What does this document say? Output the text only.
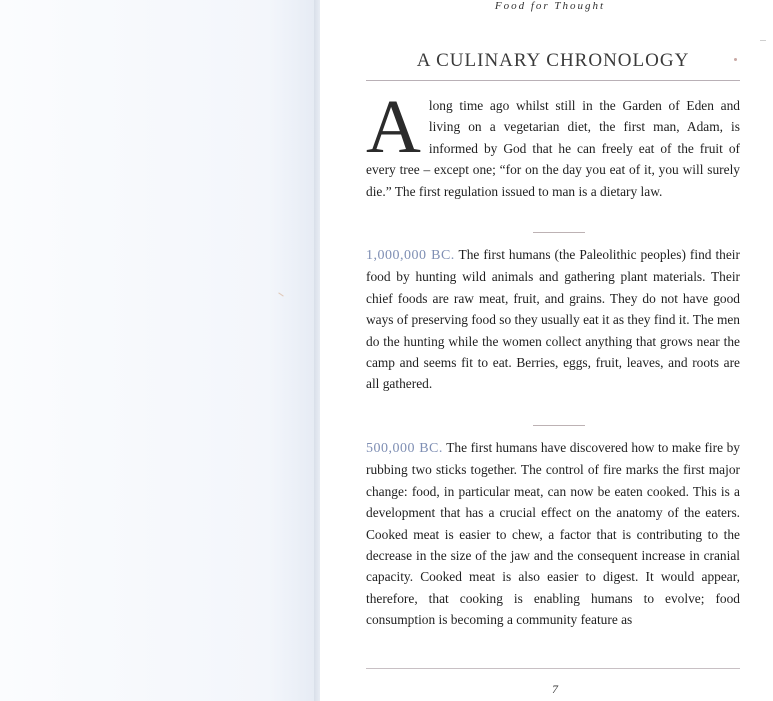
Food for Thought
A CULINARY CHRONOLOGY

Along time ago whilst still in the Garden of Eden and living on a vegetarian diet, the first man, Adam, is informed by God that he can freely eat of the fruit of every tree – except one; “for on the day you eat of it, you will surely die.” The first regulation issued to man is a dietary law.

1,000,000 BC. The first humans (the Paleolithic peoples) find their food by hunting wild animals and gathering plant materials. Their chief foods are raw meat, fruit, and grains. They do not have good ways of preserving food so they usually eat it as they find it. The men do the hunting while the women collect anything that grows near the camp and seems fit to eat. Berries, eggs, fruit, leaves, and roots are all gathered.

500,000 BC. The first humans have discovered how to make fire by rubbing two sticks together. The control of fire marks the first major change: food, in particular meat, can now be eaten cooked. This is a development that has a crucial effect on the anatomy of the eaters. Cooked meat is easier to chew, a factor that is contributing to the decrease in the size of the jaw and the consequent increase in cranial capacity. Cooked meat is also easier to digest. It would appear, therefore, that cooking is enabling humans to evolve; food consumption is becoming a community feature as

7
